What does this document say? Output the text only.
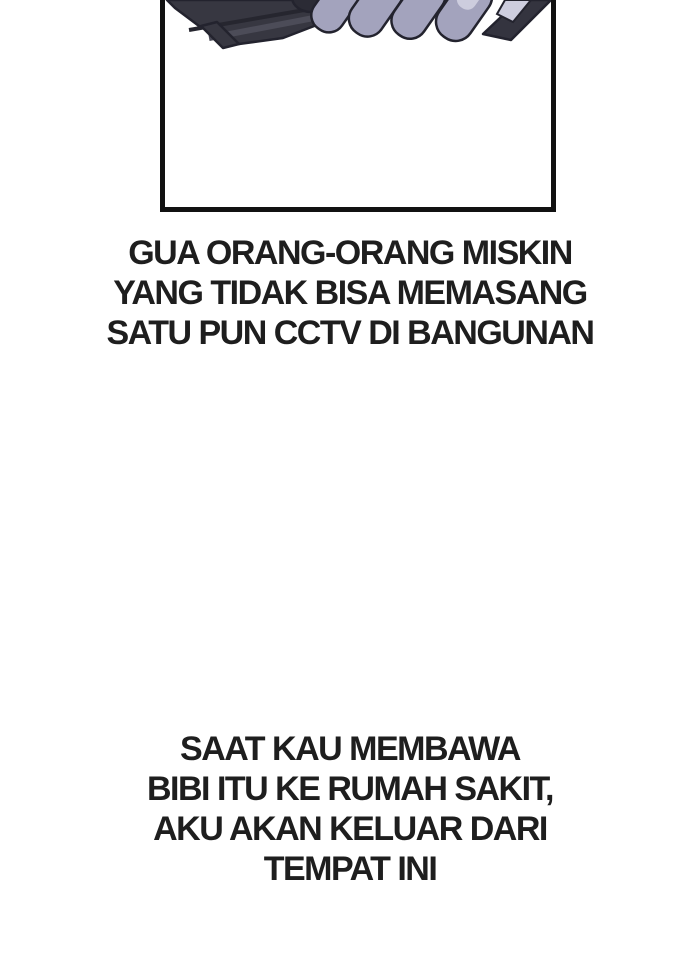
GUA ORANG-ORANG MISKIN
YANG TIDAK BISA MEMASANG
SATU PUN CCTV DI BANGUNAN
SAAT KAU MEMBAWA
BIBI ITU KE RUMAH SAKIT,
AKU AKAN KELUAR DARI
TEMPAT INI
